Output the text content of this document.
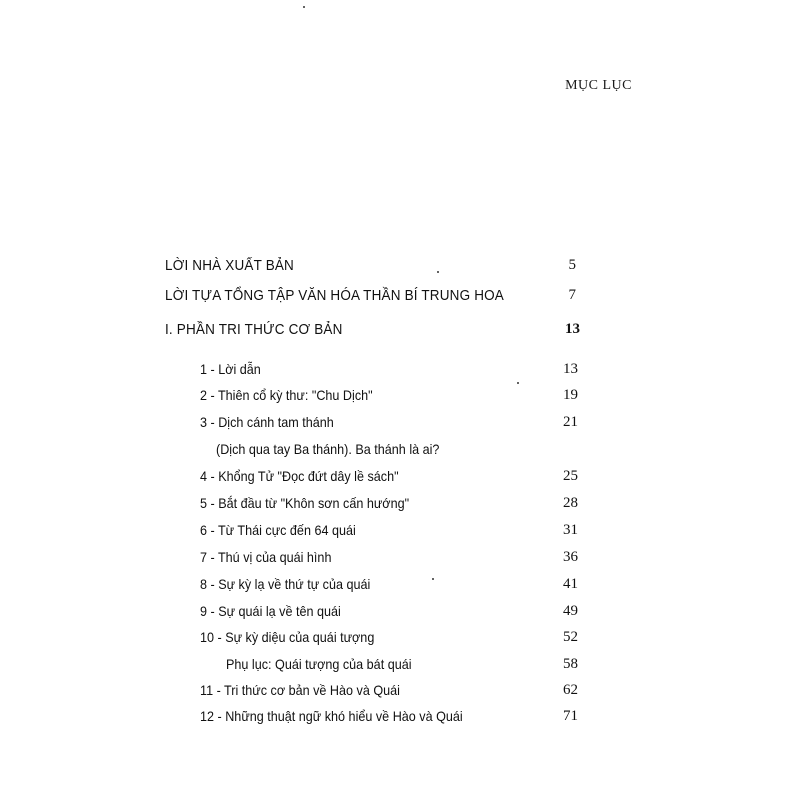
MỤC LỤC
LỜI NHÀ XUẤT BẢN	5
LỜI TỰA TỔNG TẬP VĂN HÓA THẦN BÍ TRUNG HOA	7
I. PHẦN TRI THỨC CƠ BẢN	13
1 - Lời dẫn	13
2 - Thiên cổ kỳ thư: "Chu Dịch"	19
3 - Dịch cánh tam thánh	21
(Dịch qua tay Ba thánh). Ba thánh là ai?
4 - Khổng Tử "Đọc đứt dây lề sách"	25
5 - Bắt đầu từ "Khôn sơn cấn hướng"	28
6 - Từ Thái cực đến 64 quái	31
7 - Thú vị của quái hình	36
8 - Sự kỳ lạ về thứ tự của quái	41
9 - Sự quái lạ về tên quái	49
10 - Sự kỳ diệu của quái tượng	52
Phụ lục: Quái tượng của bát quái	58
11 - Tri thức cơ bản về Hào và Quái	62
12 - Những thuật ngữ khó hiểu về Hào và Quái	71
